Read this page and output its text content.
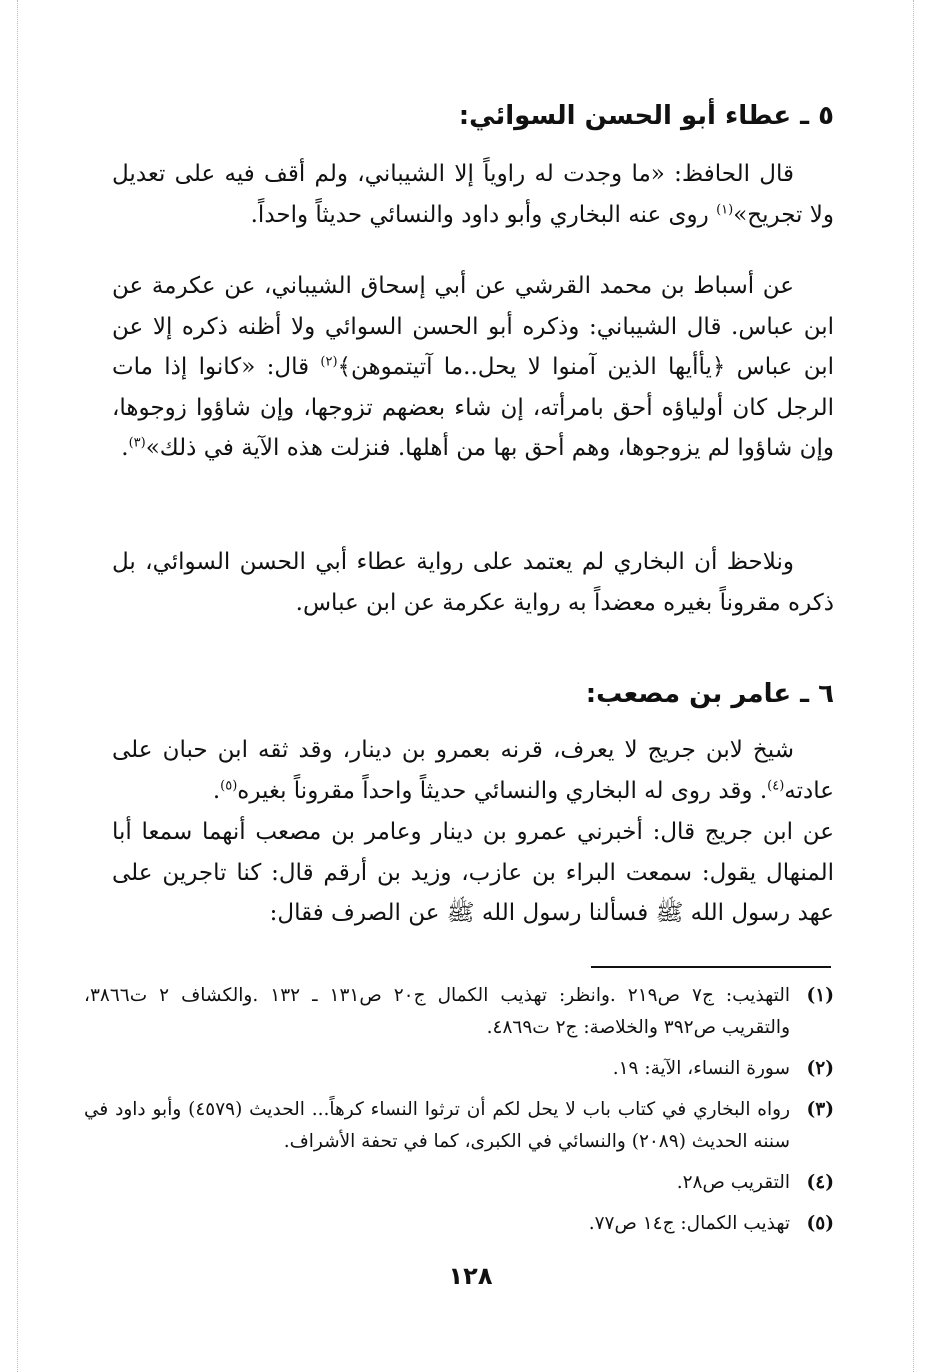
٥ ـ عطاء أبو الحسن السوائي:

قال الحافظ: «ما وجدت له راوياً إلا الشيباني، ولم أقف فيه على تعديل ولا تجريح»$^{(١)}$ روى عنه البخاري وأبو داود والنسائي حديثاً واحداً.

عن أسباط بن محمد القرشي عن أبي إسحاق الشيباني، عن عكرمة عن ابن عباس. قال الشيباني: وذكره أبو الحسن السوائي ولا أظنه ذكره إلا عن ابن عباس ﴿يأأيها الذين آمنوا لا يحل..ما آتيتموهن﴾$^{(٢)}$ قال: «كانوا إذا مات الرجل كان أولياؤه أحق بامرأته، إن شاء بعضهم تزوجها، وإن شاؤوا زوجوها، وإن شاؤوا لم يزوجوها، وهم أحق بها من أهلها. فنزلت هذه الآية في ذلك»$^{(٣)}$.

ونلاحظ أن البخاري لم يعتمد على رواية عطاء أبي الحسن السوائي، بل ذكره مقروناً بغيره معضداً به رواية عكرمة عن ابن عباس.

٦ ـ عامر بن مصعب:

شيخ لابن جريج لا يعرف، قرنه بعمرو بن دينار، وقد ثقه ابن حبان على عادته$^{(٤)}$. وقد روى له البخاري والنسائي حديثاً واحداً مقروناً بغيره$^{(٥)}$.

عن ابن جريج قال: أخبرني عمرو بن دينار وعامر بن مصعب أنهما سمعا أبا المنهال يقول: سمعت البراء بن عازب، وزيد بن أرقم قال: كنا تاجرين على عهد رسول الله ﷺ فسألنا رسول الله ﷺ عن الصرف فقال:

(١)
التهذيب: ج٧ ص٢١٩ .وانظر: تهذيب الكمال ج٢٠ ص١٣١ ـ ١٣٢ .والكشاف ٢ ت٣٨٦٦، والتقريب ص٣٩٢ والخلاصة: ج٢ ت٤٨٦٩.
(٢)
سورة النساء، الآية: ١٩.
(٣)
رواه البخاري في كتاب باب لا يحل لكم أن ترثوا النساء كرهاً... الحديث (٤٥٧٩) وأبو داود في سننه الحديث (٢٠٨٩) والنسائي في الكبرى، كما في تحفة الأشراف.
(٤)
التقريب ص٢٨.
(٥)
تهذيب الكمال: ج١٤ ص٧٧.
١٢٨
